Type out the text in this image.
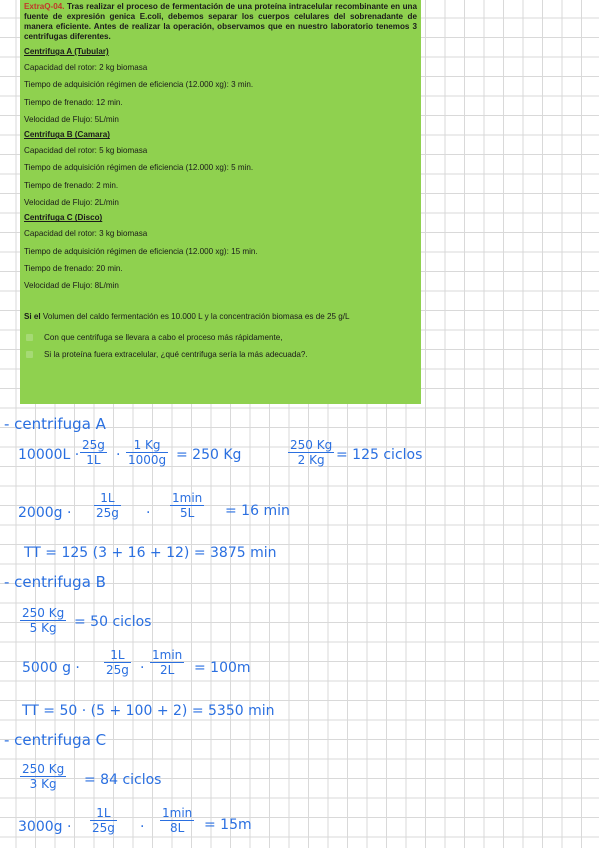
ExtraQ-04. Tras realizar el proceso de fermentación de una proteína intracelular recombinante en una fuente de expresión genica E.coli, debemos separar los cuerpos celulares del sobrenadante de manera eficiente. Antes de realizar la operación, observamos que en nuestro laboratorio tenemos 3 centrifugas diferentes.

Centrifuga A (Tubular)

Capacidad del rotor: 2 kg biomasa

Tiempo de adquisición régimen de eficiencia (12.000 xg): 3 min.

Tiempo de frenado: 12 min.

Velocidad de Flujo: 5L/min

Centrifuga B (Camara)

Capacidad del rotor: 5 kg biomasa

Tiempo de adquisición régimen de eficiencia (12.000 xg): 5 min.

Tiempo de frenado: 2 min.

Velocidad de Flujo: 2L/min

Centrifuga C (Disco)

Capacidad del rotor: 3 kg biomasa

Tiempo de adquisición régimen de eficiencia (12.000 xg): 15 min.

Tiempo de frenado: 20 min.

Velocidad de Flujo: 8L/min

Si el Volumen del caldo fermentación es 10.000 L y la concentración biomasa es de 25 g/L

Con que centrifuga se llevara a cabo el proceso más rápidamente,

Si la proteína fuera extracelular, ¿qué centrifuga sería la más adecuada?.

- centrifuga A
$10000L \cdot \frac{25g}{1L} \cdot \frac{1 Kg}{1000g} = 250$ Kg	$\frac{250 Kg}{2 Kg} = 125$ ciclos
$2000g \cdot \frac{1L}{25g}$ ·
1min
5L	= 16 min
TT = 125 (3 + 16 + 12) = 3875 min
- centrifuga B
$\frac{250 Kg}{5 Kg} = 50$ ciclos
5000 $g \cdot \frac{1L}{25g}$ ·
1min
2L	= 100m
TT = 50 · (5 + 100 + 2) = 5350 min
- centrifuga C
$\frac{250 Kg}{3 Kg} = 84$ ciclos
$3000g \cdot \frac{1L}{25g}$ ·
1min
8L	= 15m
